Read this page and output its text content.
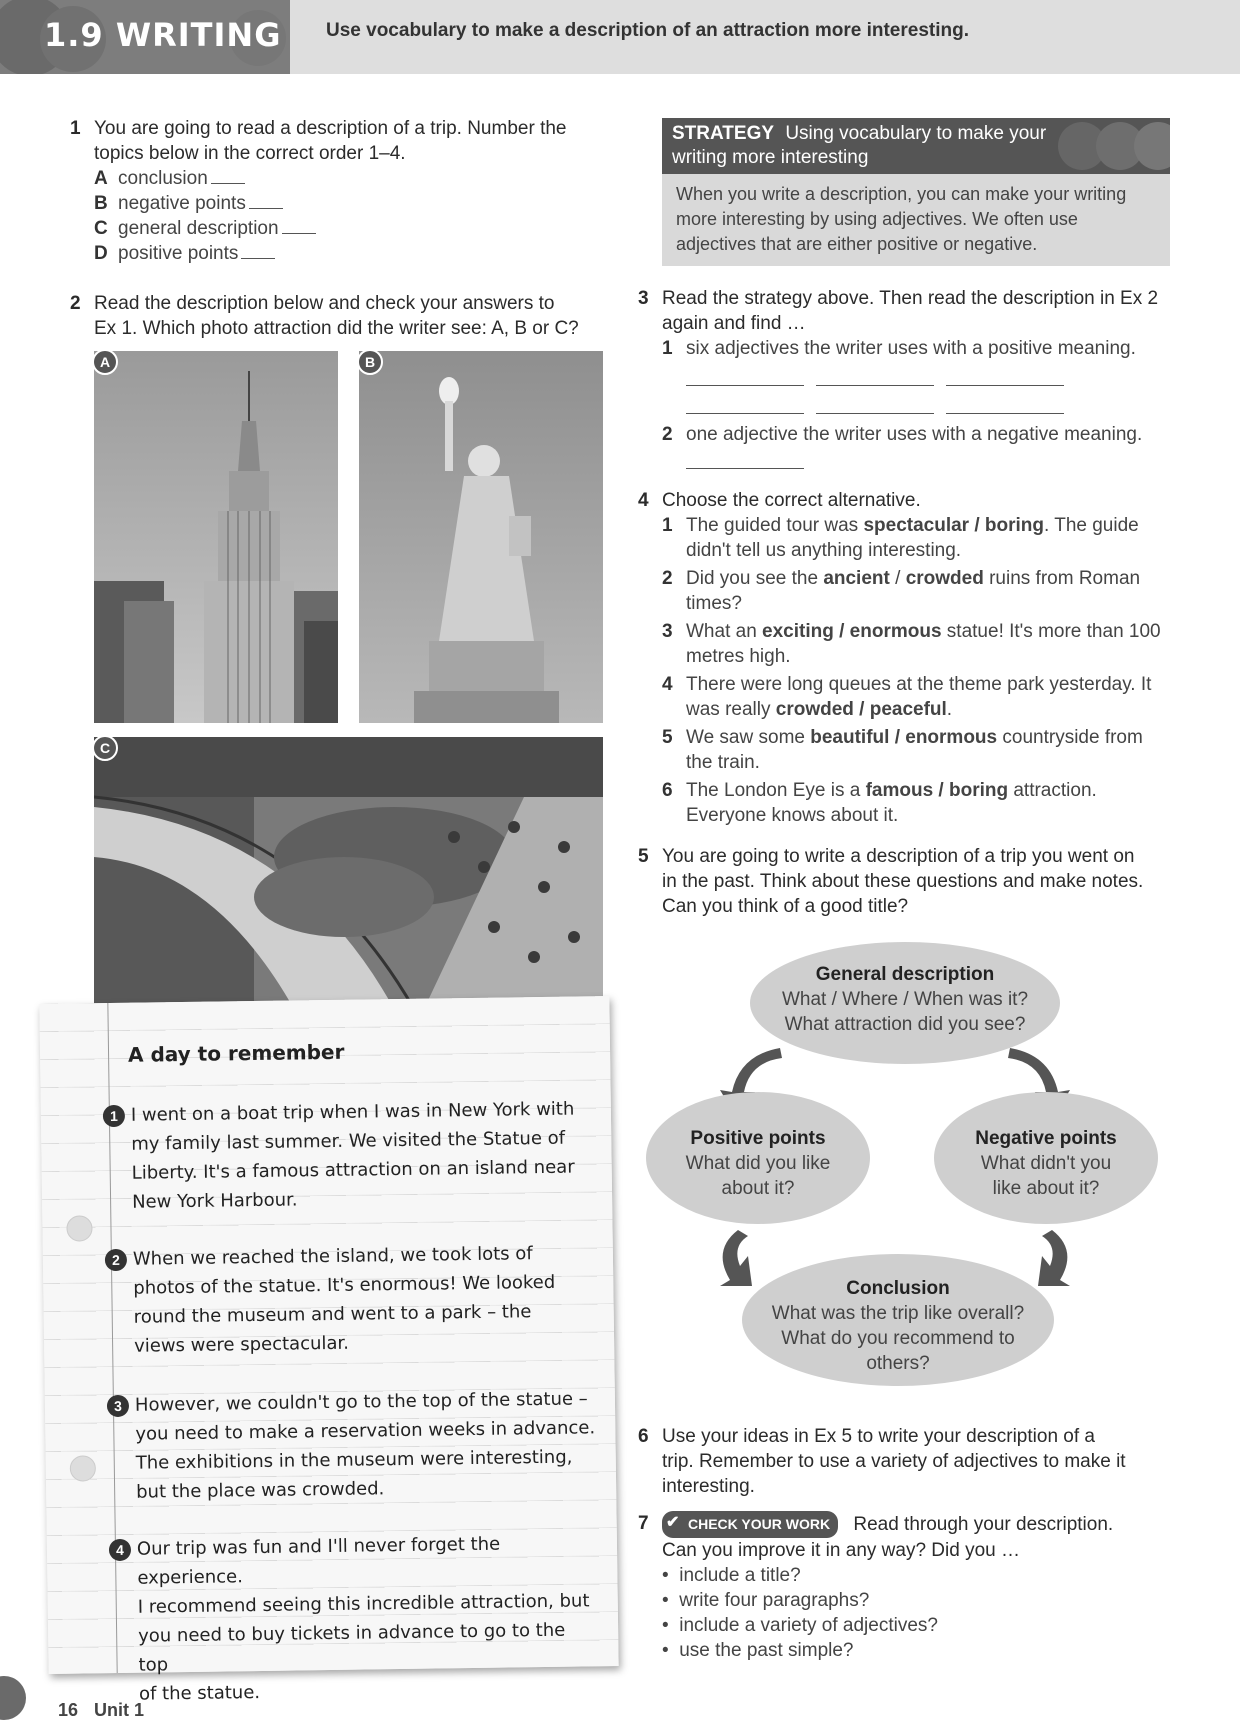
1.9 WRITING Use vocabulary to make a description of an attraction more interesting.
1 You are going to read a description of a trip. Number the
topics below in the correct order 1–4.
A conclusion
B negative points
C general description
D positive points
2 Read the description below and check your answers to
Ex 1. Which photo attraction did the writer see: A, B or C?
A	B
C
A day to remember
1 I went on a boat trip when I was in New York with
my family last summer. We visited the Statue of
Liberty. It's a famous attraction on an island near
New York Harbour.
2 When we reached the island, we took lots of
photos of the statue. It's enormous! We looked
round the museum and went to a park – the
views were spectacular.
3 However, we couldn't go to the top of the statue –
you need to make a reservation weeks in advance.
The exhibitions in the museum were interesting,
but the place was crowded.
4 Our trip was fun and I'll never forget the experience.
I recommend seeing this incredible attraction, but
you need to buy tickets in advance to go to the top
of the statue.
STRATEGY Using vocabulary to make your
writing more interesting
When you write a description, you can make your writing
more interesting by using adjectives. We often use
adjectives that are either positive or negative.
3 Read the strategy above. Then read the description in Ex 2
again and find …
1 six adjectives the writer uses with a positive meaning.
2 one adjective the writer uses with a negative meaning.
4 Choose the correct alternative.
1 The guided tour was spectacular / boring. The guide
didn't tell us anything interesting.
2 Did you see the ancient / crowded ruins from Roman
times?
3 What an exciting / enormous statue! It's more than 100
metres high.
4 There were long queues at the theme park yesterday. It
was really crowded / peaceful.
5 We saw some beautiful / enormous countryside from
the train.
6 The London Eye is a famous / boring attraction.
Everyone knows about it.
5 You are going to write a description of a trip you went on
in the past. Think about these questions and make notes.
Can you think of a good title?
General description
What / Where / When was it?
What attraction did you see?
Positive points
What did you like
about it?
Negative points
What didn't you
like about it?
Conclusion
What was the trip like overall?
What do you recommend to
others?
6 Use your ideas in Ex 5 to write your description of a
trip. Remember to use a variety of adjectives to make it
interesting.
7 ✔ CHECK YOUR WORK Read through your description.
Can you improve it in any way? Did you …
•  include a title?
•  write four paragraphs?
•  include a variety of adjectives?
•  use the past simple?
16 Unit 1
